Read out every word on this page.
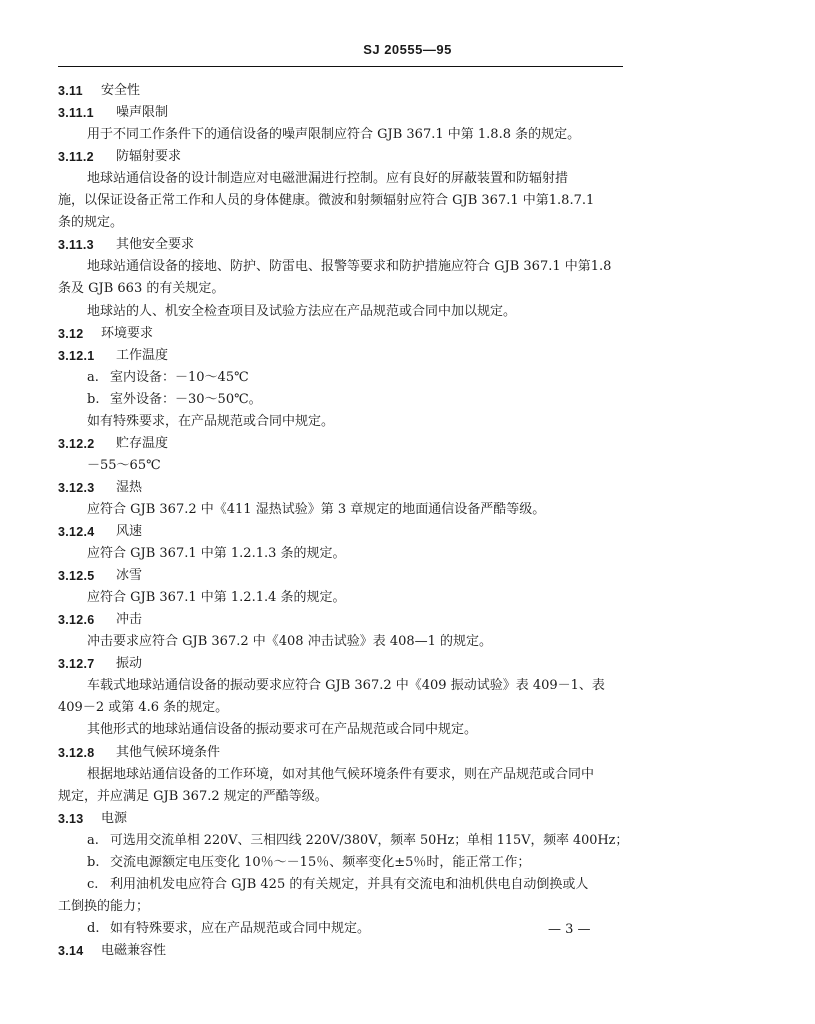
SJ 20555—95
3.11 安全性
3.11.1 噪声限制
用于不同工作条件下的通信设备的噪声限制应符合 GJB 367.1 中第 1.8.8 条的规定。
3.11.2 防辐射要求
地球站通信设备的设计制造应对电磁泄漏进行控制。应有良好的屏蔽装置和防辐射措
施，以保证设备正常工作和人员的身体健康。微波和射频辐射应符合 GJB 367.1 中第1.8.7.1
条的规定。
3.11.3 其他安全要求
地球站通信设备的接地、防护、防雷电、报警等要求和防护措施应符合 GJB 367.1 中第1.8
条及 GJB 663 的有关规定。
地球站的人、机安全检查项目及试验方法应在产品规范或合同中加以规定。
3.12 环境要求
3.12.1 工作温度
a. 室内设备：－10～45℃
b. 室外设备：－30～50℃。
如有特殊要求，在产品规范或合同中规定。
3.12.2 贮存温度
－55～65℃
3.12.3 湿热
应符合 GJB 367.2 中《411 湿热试验》第 3 章规定的地面通信设备严酷等级。
3.12.4 风速
应符合 GJB 367.1 中第 1.2.1.3 条的规定。
3.12.5 冰雪
应符合 GJB 367.1 中第 1.2.1.4 条的规定。
3.12.6 冲击
冲击要求应符合 GJB 367.2 中《408 冲击试验》表 408—1 的规定。
3.12.7 振动
车载式地球站通信设备的振动要求应符合 GJB 367.2 中《409 振动试验》表 409－1、表
409－2 或第 4.6 条的规定。
其他形式的地球站通信设备的振动要求可在产品规范或合同中规定。
3.12.8 其他气候环境条件
根据地球站通信设备的工作环境，如对其他气候环境条件有要求，则在产品规范或合同中
规定，并应满足 GJB 367.2 规定的严酷等级。
3.13 电源
a. 可选用交流单相 220V、三相四线 220V/380V，频率 50Hz；单相 115V，频率 400Hz；
b. 交流电源额定电压变化 10％～－15％、频率变化±5％时，能正常工作；
c. 利用油机发电应符合 GJB 425 的有关规定，并具有交流电和油机供电自动倒换或人
工倒换的能力；
d. 如有特殊要求，应在产品规范或合同中规定。
3.14 电磁兼容性
— 3 —
